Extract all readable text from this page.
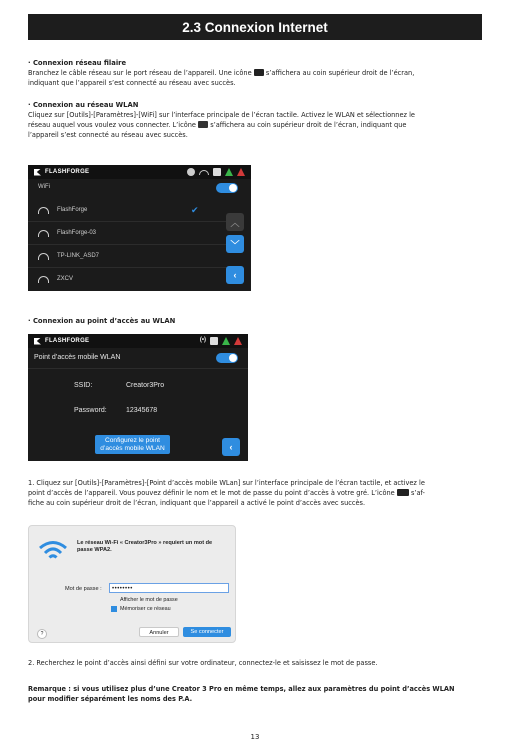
2.3 Connexion Internet
· Connexion réseau filaire

Branchez le câble réseau sur le port réseau de l’appareil. Une icône s’affichera au coin supérieur droit de l’écran,
indiquant que l’appareil s’est connecté au réseau avec succès.

· Connexion au réseau WLAN

Cliquez sur [Outils]-[Paramètres]-[WiFi] sur l’interface principale de l’écran tactile. Activez le WLAN et sélectionnez le
réseau auquel vous voulez vous connecter. L’icône s’affichera au coin supérieur droit de l’écran, indiquant que
l’appareil s’est connecté au réseau avec succès.

FLASHFORGE
WiFi
FlashForge	✔
FlashForge-03
TP-LINK_ASD7
ZXCV
︿
﹀
‹
· Connexion au point d’accès au WLAN
FLASHFORGE	(•)
Point d’accès mobile WLAN
SSID:	Creator3Pro
Password:	12345678
Configurez le point
d’accès mobile WLAN	‹

1. Cliquez sur [Outils]-[Paramètres]-[Point d’accès mobile WLan] sur l’interface principale de l’écran tactile, et activez le
point d’accès de l’appareil. Vous pouvez définir le nom et le mot de passe du point d’accès à votre gré. L’icône s’af-
fiche au coin supérieur droit de l’écran, indiquant que l’appareil a activé le point d’accès avec succès.

Le réseau Wi-Fi « Creator3Pro » requiert un mot de passe WPA2.
Mot de passe :	••••••••
Afficher le mot de passe
Mémoriser ce réseau
?	Annuler	Se connecter

2. Recherchez le point d’accès ainsi défini sur votre ordinateur, connectez-le et saisissez le mot de passe.

Remarque : si vous utilisez plus d’une Creator 3 Pro en même temps, allez aux paramètres du point d’accès WLAN
pour modifier séparément les noms des P.A.

13
